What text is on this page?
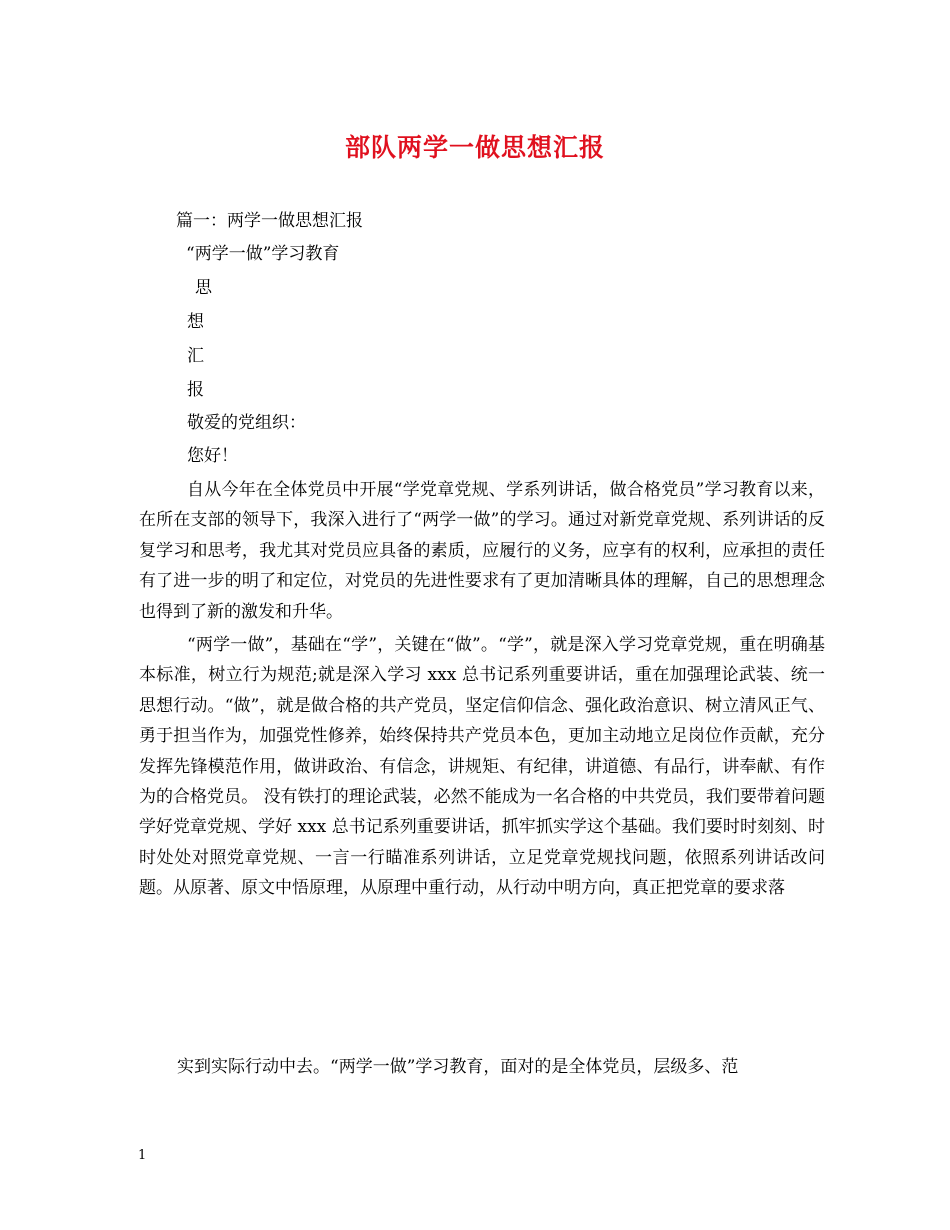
部队两学一做思想汇报
篇一：两学一做思想汇报
“两学一做”学习教育
思
想
汇
报
敬爱的党组织：
您好！
自从今年在全体党员中开展“学党章党规、学系列讲话，做合格党员”学习教育以来，在所在支部的领导下，我深入进行了“两学一做”的学习。通过对新党章党规、系列讲话的反复学习和思考，我尤其对党员应具备的素质，应履行的义务，应享有的权利，应承担的责任有了进一步的明了和定位，对党员的先进性要求有了更加清晰具体的理解，自己的思想理念也得到了新的激发和升华。
“两学一做”，基础在“学”，关键在“做”。“学”，就是深入学习党章党规，重在明确基本标准，树立行为规范;就是深入学习 xxx 总书记系列重要讲话，重在加强理论武装、统一思想行动。“做”，就是做合格的共产党员，坚定信仰信念、强化政治意识、树立清风正气、勇于担当作为，加强党性修养，始终保持共产党员本色，更加主动地立足岗位作贡献，充分发挥先锋模范作用，做讲政治、有信念，讲规矩、有纪律，讲道德、有品行，讲奉献、有作为的合格党员。 没有铁打的理论武装，必然不能成为一名合格的中共党员，我们要带着问题学好党章党规、学好 xxx 总书记系列重要讲话，抓牢抓实学这个基础。我们要时时刻刻、时时处处对照党章党规、一言一行瞄准系列讲话，立足党章党规找问题，依照系列讲话改问题。从原著、原文中悟原理，从原理中重行动，从行动中明方向，真正把党章的要求落
实到实际行动中去。“两学一做”学习教育，面对的是全体党员，层级多、范
1
